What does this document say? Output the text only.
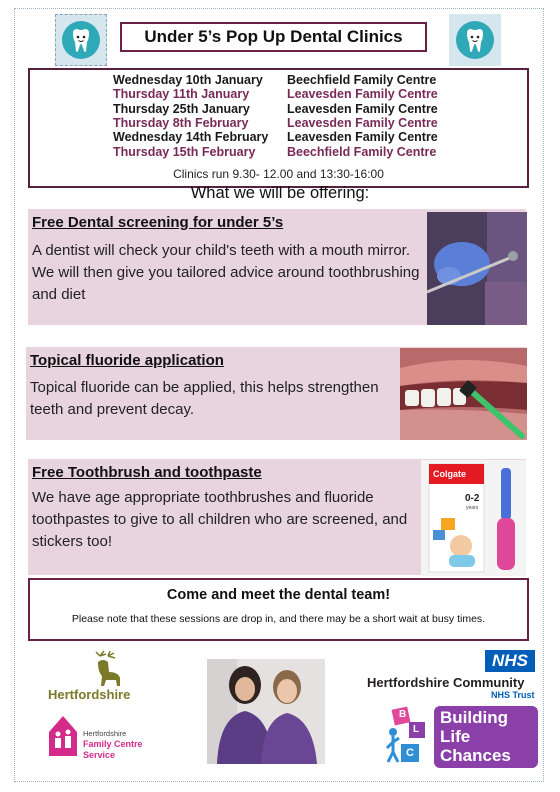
Under 5’s Pop Up Dental Clinics
Wednesday 10th January Beechfield Family Centre
Thursday 11th January	Leavesden Family Centre
Thursday 25th January	Leavesden Family Centre
Thursday 8th February	Leavesden Family Centre
Wednesday 14th February Leavesden Family Centre
Thursday 15th February	Beechfield Family Centre
Clinics run 9.30- 12.00 and 13:30-16:00
What we will be offering:
Free Dental screening for under 5’s

A dentist will check your child's teeth with a mouth mirror. We will then give you tailored advice around toothbrushing and diet

Topical fluoride application

Topical fluoride can be applied, this helps strengthen teeth and prevent decay.

Free Toothbrush and toothpaste

We have age appropriate toothbrushes and fluoride toothpastes to give to all children who are screened, and stickers too!

Colgate
0-2
years
Come and meet the dental team!
Please note that these sessions are drop in, and there may be a short wait at busy times.
Hertfordshire
Hertfordshire
Family Centre
Service
NHS
Hertfordshire Community
NHS Trust
B
L
C
Building
Life
Chances
